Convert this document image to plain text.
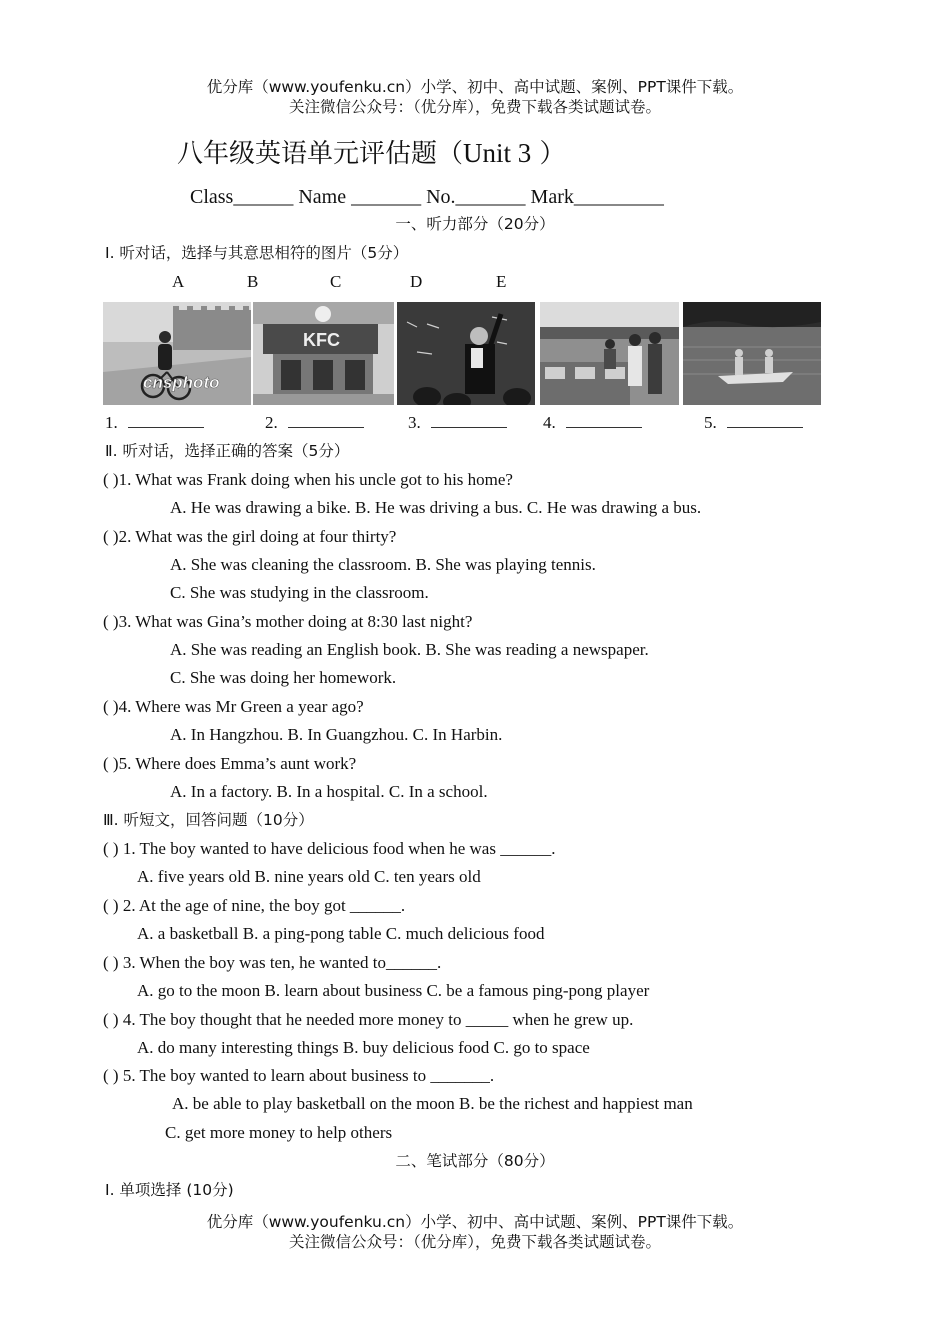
优分库（www.youfenku.cn）小学、初中、高中试题、案例、PPT课件下载。
关注微信公众号：（优分库），免费下载各类试题试卷。
八年级英语单元评估题（Unit 3 ）
Class______ Name _______ No._______ Mark_________
一、听力部分（20分）
Ⅰ. 听对话，选择与其意思相符的图片（5分）
A	B	C	D	E
cnsphoto
KFC
1.	2.	3.	4.	5.
Ⅱ. 听对话，选择正确的答案（5分）
( )1. What was Frank doing when his uncle got to his home?
A. He was drawing a bike. B. He was driving a bus. C. He was drawing a bus.
( )2. What was the girl doing at four thirty?
A. She was cleaning the classroom. B. She was playing tennis.
C. She was studying in the classroom.
( )3. What was Gina’s mother doing at 8:30 last night?
A. She was reading an English book. B. She was reading a newspaper.
C. She was doing her homework.
( )4. Where was Mr Green a year ago?
A. In Hangzhou. B. In Guangzhou. C. In Harbin.
( )5. Where does Emma’s aunt work?
A. In a factory. B. In a hospital. C. In a school.
Ⅲ. 听短文，回答问题（10分）
( ) 1. The boy wanted to have delicious food when he was ______.
A. five years old B. nine years old C. ten years old
( ) 2. At the age of nine, the boy got ______.
A. a basketball B. a ping-pong table C. much delicious food
( ) 3. When the boy was ten, he wanted to______.
A. go to the moon B. learn about business C. be a famous ping-pong player
( ) 4. The boy thought that he needed more money to _____ when he grew up.
A. do many interesting things B. buy delicious food C. go to space
( ) 5. The boy wanted to learn about business to _______.
A. be able to play basketball on the moon B. be the richest and happiest man
C. get more money to help others
二、笔试部分（80分）
Ⅰ. 单项选择 (10分)
优分库（www.youfenku.cn）小学、初中、高中试题、案例、PPT课件下载。
关注微信公众号：（优分库），免费下载各类试题试卷。
